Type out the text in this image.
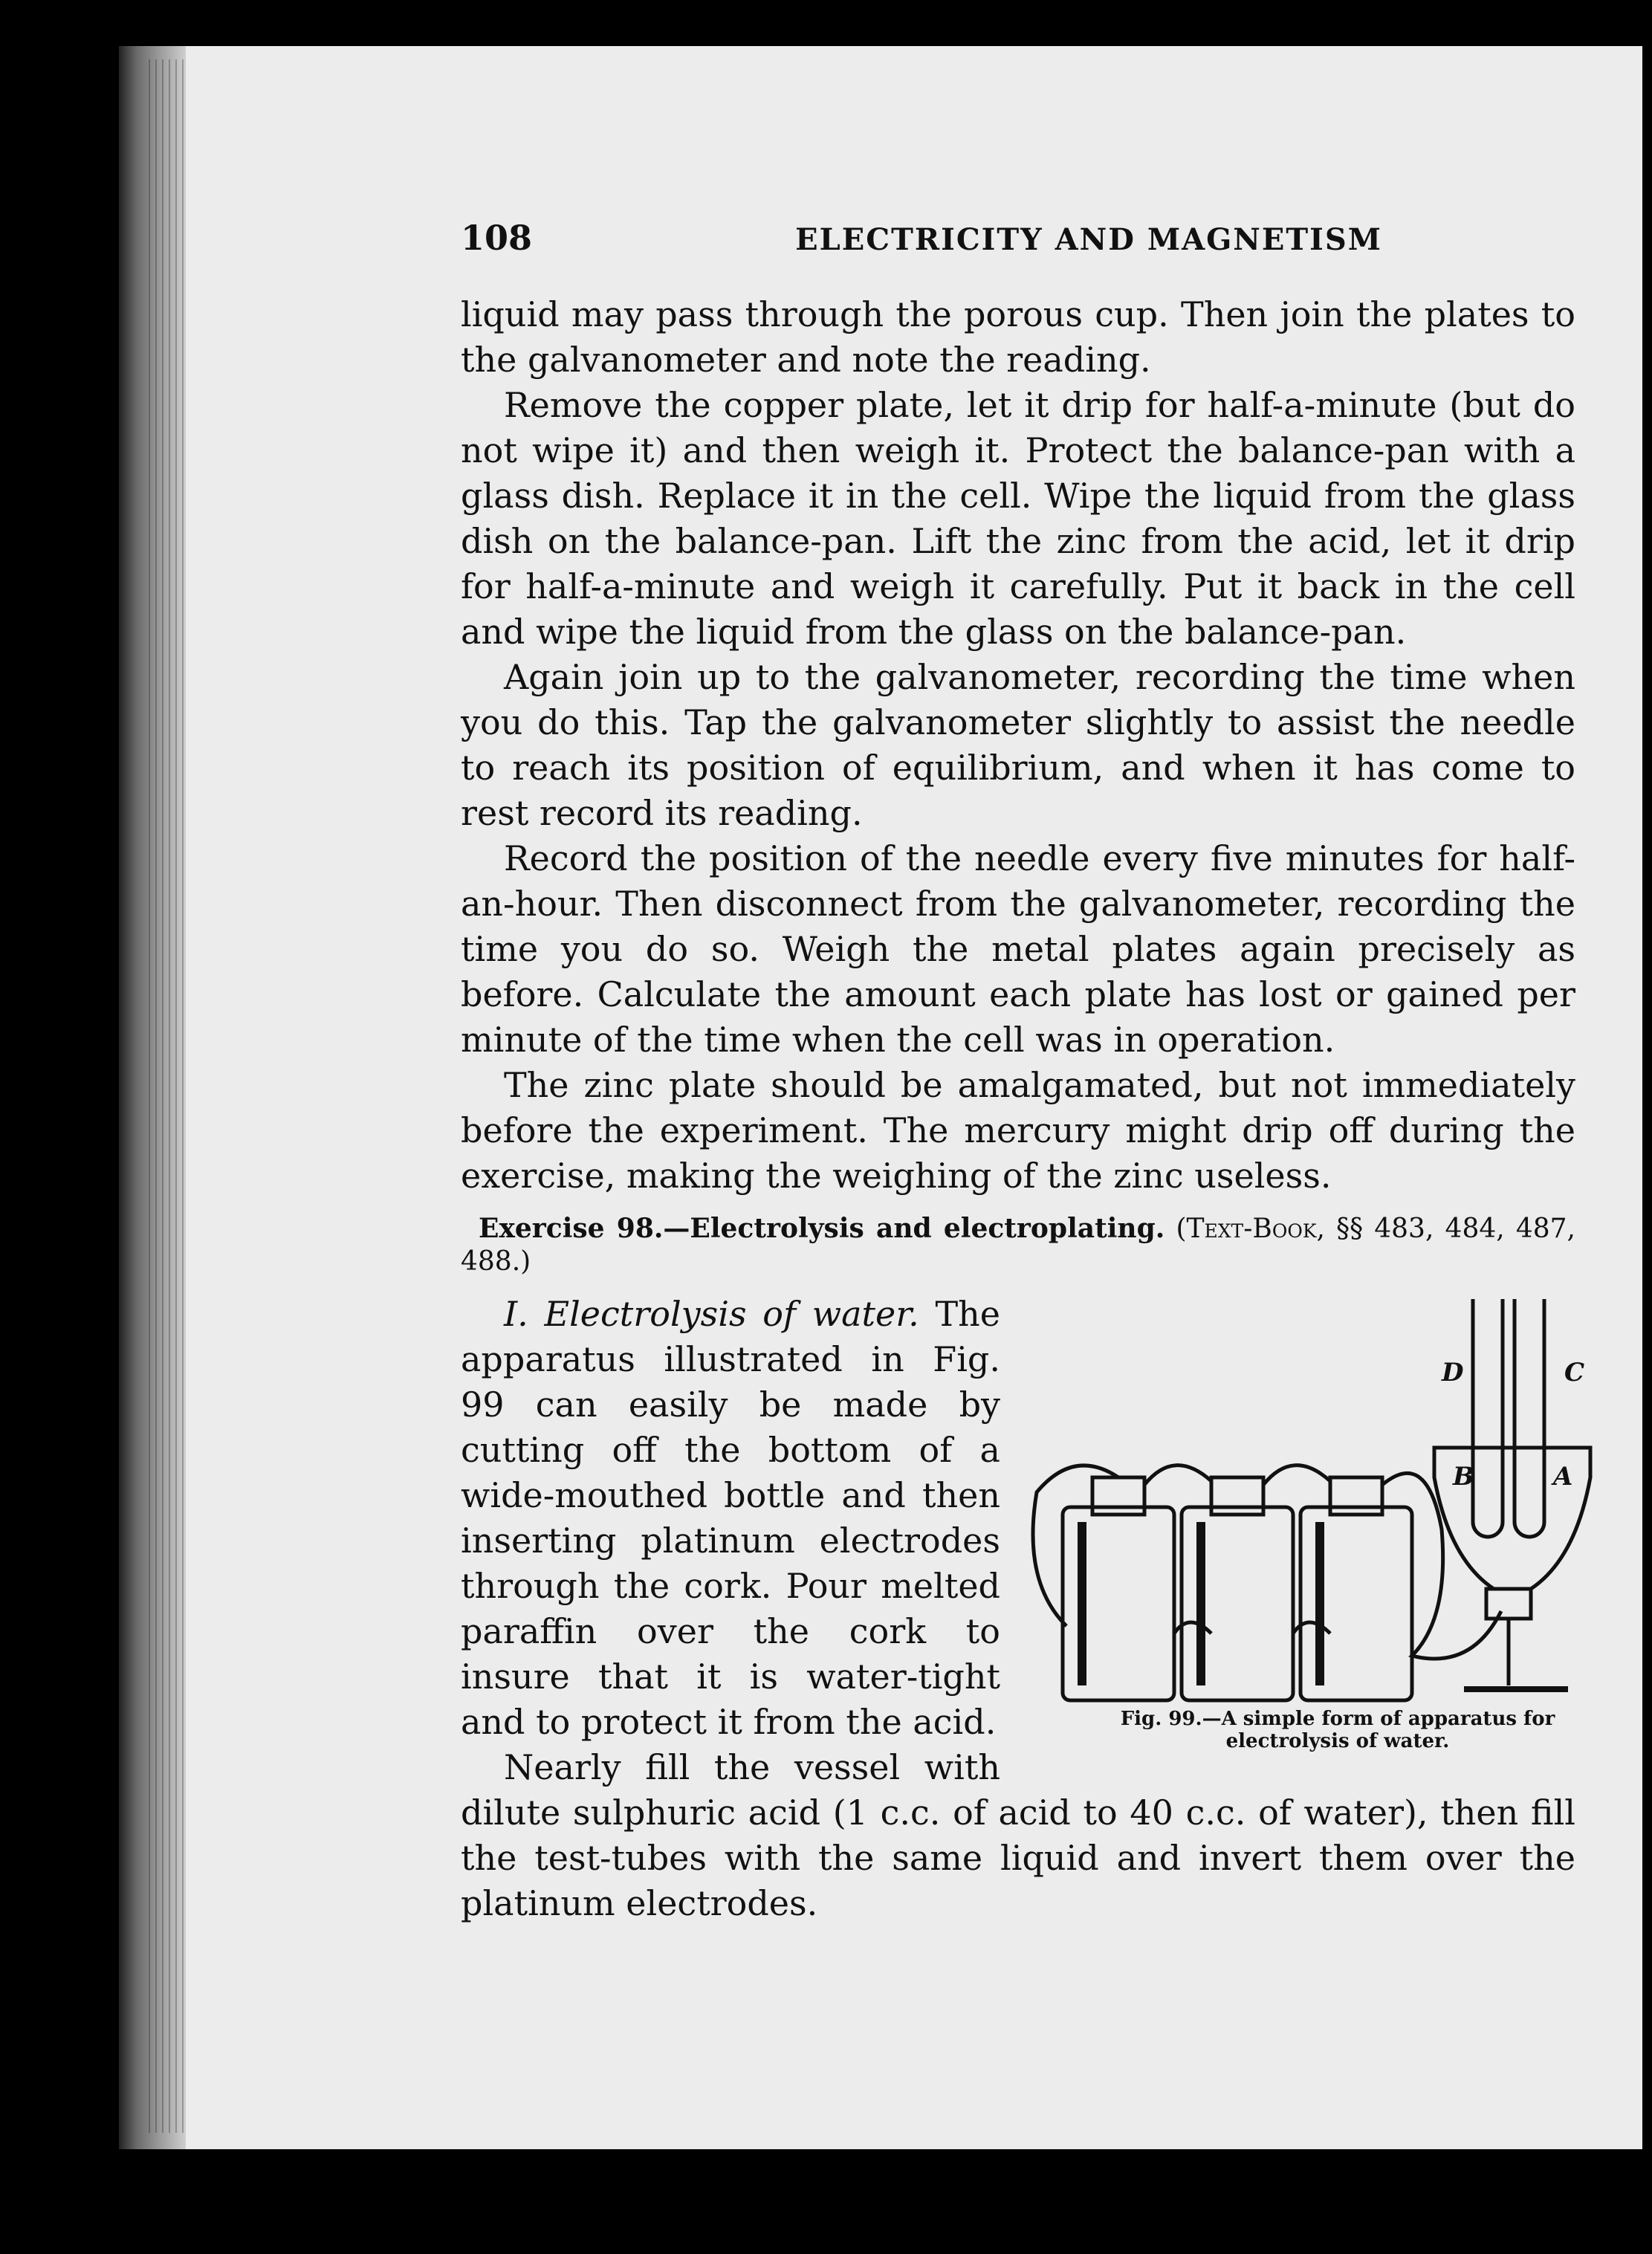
108	ELECTRICITY AND MAGNETISM

liquid may pass through the porous cup. Then join the plates to the galvanometer and note the reading.

Remove the copper plate, let it drip for half-a-minute (but do not wipe it) and then weigh it. Protect the balance-pan with a glass dish. Replace it in the cell. Wipe the liquid from the glass dish on the balance-pan. Lift the zinc from the acid, let it drip for half-a-minute and weigh it carefully. Put it back in the cell and wipe the liquid from the glass on the balance-pan.

Again join up to the galvanometer, recording the time when you do this. Tap the galvanometer slightly to assist the needle to reach its position of equilibrium, and when it has come to rest record its reading.

Record the position of the needle every five minutes for half-an-hour. Then disconnect from the galvanometer, recording the time you do so. Weigh the metal plates again precisely as before. Calculate the amount each plate has lost or gained per minute of the time when the cell was in operation.

The zinc plate should be amalgamated, but not immediately before the experiment. The mercury might drip off during the exercise, making the weighing of the zinc useless.

Exercise 98.—Electrolysis and electroplating. (Text-Book, §§ 483, 484, 487, 488.)

D	C
B	A
Fig. 99.—A simple form of apparatus for electrolysis of water.

I. Electrolysis of water. The apparatus illustrated in Fig. 99 can easily be made by cutting off the bottom of a wide-mouthed bottle and then inserting platinum electrodes through the cork. Pour melted paraffin over the cork to insure that it is water-tight and to protect it from the acid.

Nearly fill the vessel with dilute sulphuric acid (1 c.c. of acid to 40 c.c. of water), then fill the test-tubes with the same liquid and invert them over the platinum electrodes.
